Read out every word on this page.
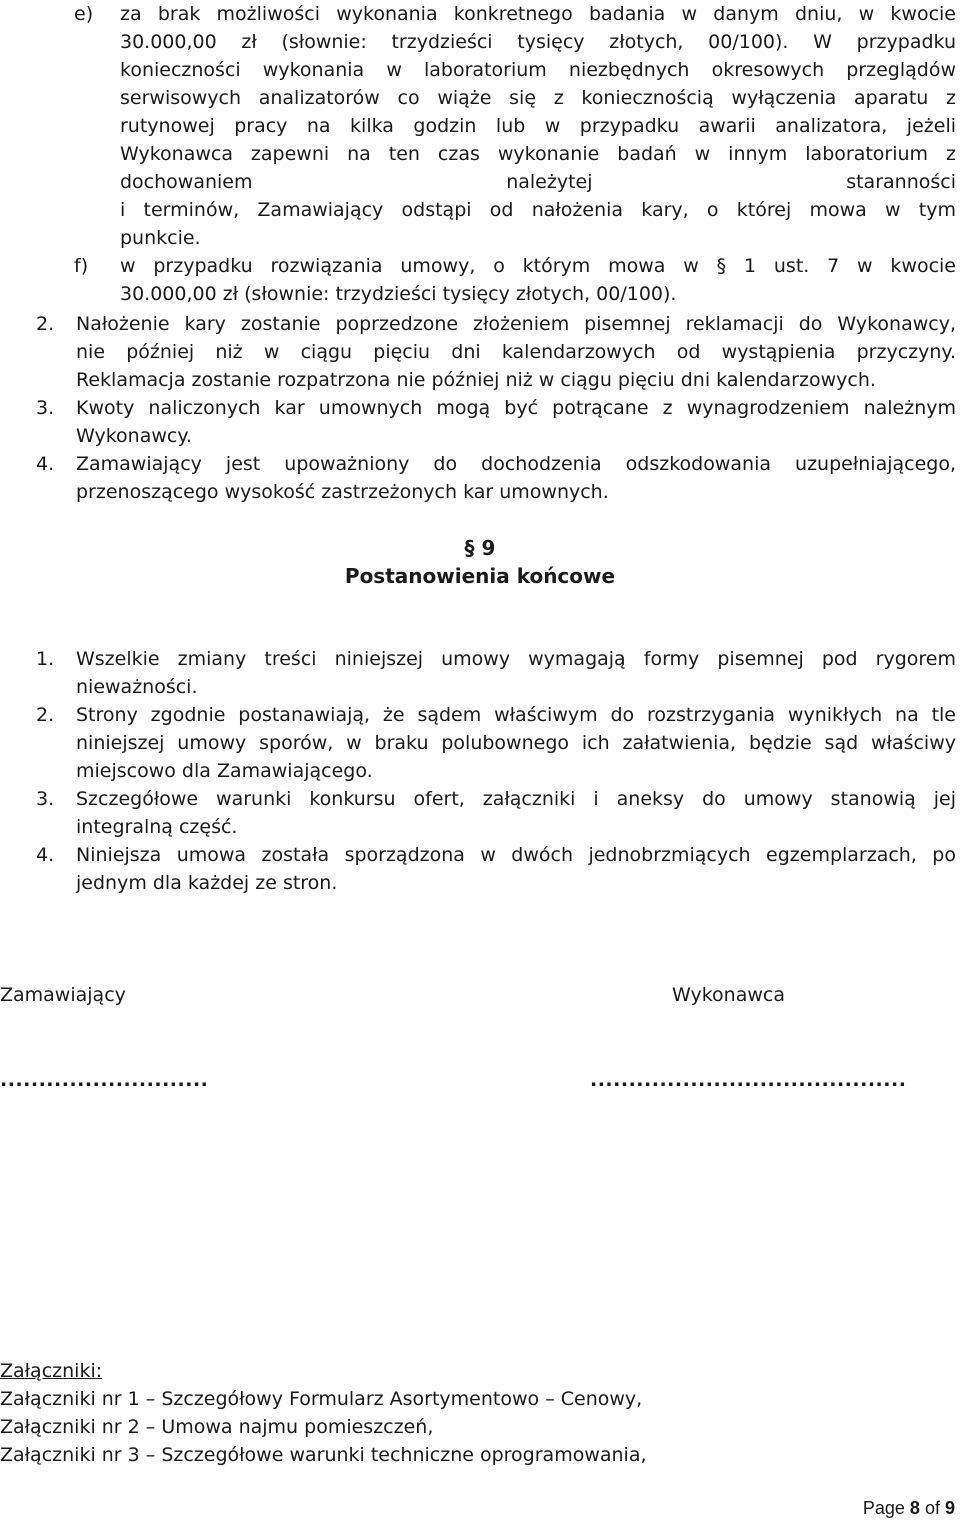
e)	za brak możliwości wykonania konkretnego badania w danym dniu, w kwocie
30.000,00 zł (słownie: trzydzieści tysięcy złotych, 00/100). W przypadku
konieczności wykonania w laboratorium niezbędnych okresowych przeglądów
serwisowych analizatorów co wiąże się z koniecznością wyłączenia aparatu z
rutynowej pracy na kilka godzin lub w przypadku awarii analizatora, jeżeli
Wykonawca zapewni na ten czas wykonanie badań w innym laboratorium z
dochowaniem należytej staranności
i terminów, Zamawiający odstąpi od nałożenia kary, o której mowa w tym
punkcie.
f)	w przypadku rozwiązania umowy, o którym mowa w § 1 ust. 7 w kwocie
30.000,00 zł (słownie: trzydzieści tysięcy złotych, 00/100).
2.	Nałożenie kary zostanie poprzedzone złożeniem pisemnej reklamacji do Wykonawcy,
nie później niż w ciągu pięciu dni kalendarzowych od wystąpienia przyczyny.
Reklamacja zostanie rozpatrzona nie później niż w ciągu pięciu dni kalendarzowych.
3.	Kwoty naliczonych kar umownych mogą być potrącane z wynagrodzeniem należnym
Wykonawcy.
4.	Zamawiający jest upoważniony do dochodzenia odszkodowania uzupełniającego,
przenoszącego wysokość zastrzeżonych kar umownych.
§ 9
Postanowienia końcowe
1.	Wszelkie zmiany treści niniejszej umowy wymagają formy pisemnej pod rygorem
nieważności.
2.	Strony zgodnie postanawiają, że sądem właściwym do rozstrzygania wynikłych na tle
niniejszej umowy sporów, w braku polubownego ich załatwienia, będzie sąd właściwy
miejscowo dla Zamawiającego.
3.	Szczegółowe warunki konkursu ofert, załączniki i aneksy do umowy stanowią jej
integralną część.
4.	Niniejsza umowa została sporządzona w dwóch jednobrzmiących egzemplarzach, po
jednym dla każdej ze stron.
Zamawiający	Wykonawca
...........................	.........................................
Załączniki:
Załączniki nr 1 – Szczegółowy Formularz Asortymentowo – Cenowy,
Załączniki nr 2 – Umowa najmu pomieszczeń,
Załączniki nr 3 – Szczegółowe warunki techniczne oprogramowania,
Page 8 of 9
